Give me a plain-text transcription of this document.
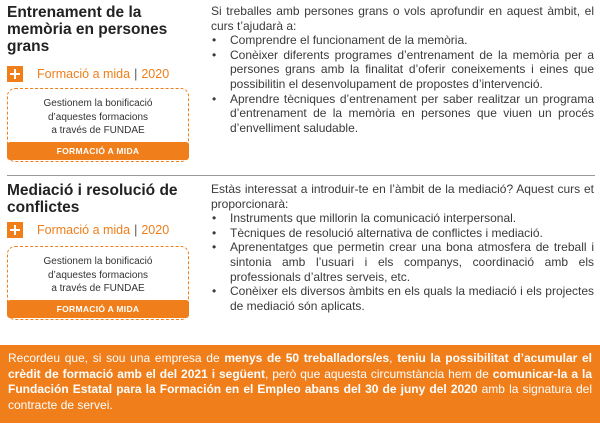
Entrenament de la memòria en persones grans
Formació a mida | 2020
Gestionem la bonificació
d’aquestes formacions
a través de FUNDAE
FORMACIÓ A MIDA
Si treballes amb persones grans o vols aprofundir en aquest àmbit, el curs t’ajudarà a:
• Comprendre el funcionament de la memòria.
• Conèixer diferents programes d’entrenament de la memòria per a persones grans amb la finalitat d’oferir coneixements i eines que possibilitin el desenvolupament de propostes d’intervenció.
• Aprendre tècniques d’entrenament per saber realitzar un programa d’entrenament de la memòria en persones que viuen un procés d’envelliment saludable.
Mediació i resolució de conflictes
Formació a mida | 2020
Gestionem la bonificació
d’aquestes formacions
a través de FUNDAE
FORMACIÓ A MIDA
Estàs interessat a introduir-te en l’àmbit de la mediació? Aquest curs et proporcionarà:
• Instruments que millorin la comunicació interpersonal.
• Tècniques de resolució alternativa de conflictes i mediació.
• Aprenentatges que permetin crear una bona atmosfera de treball i sintonia amb l’usuari i els companys, coordinació amb els professionals d’altres serveis, etc.
• Conèixer els diversos àmbits en els quals la mediació i els projectes de mediació són aplicats.
Recordeu que, si sou una empresa de menys de 50 treballadors/es, teniu la possibilitat d’acumular el crèdit de formació amb el del 2021 i següent, però que aquesta circumstància hem de comunicar-la a la Fundación Estatal para la Formación en el Empleo abans del 30 de juny del 2020 amb la signatura del contracte de servei.
